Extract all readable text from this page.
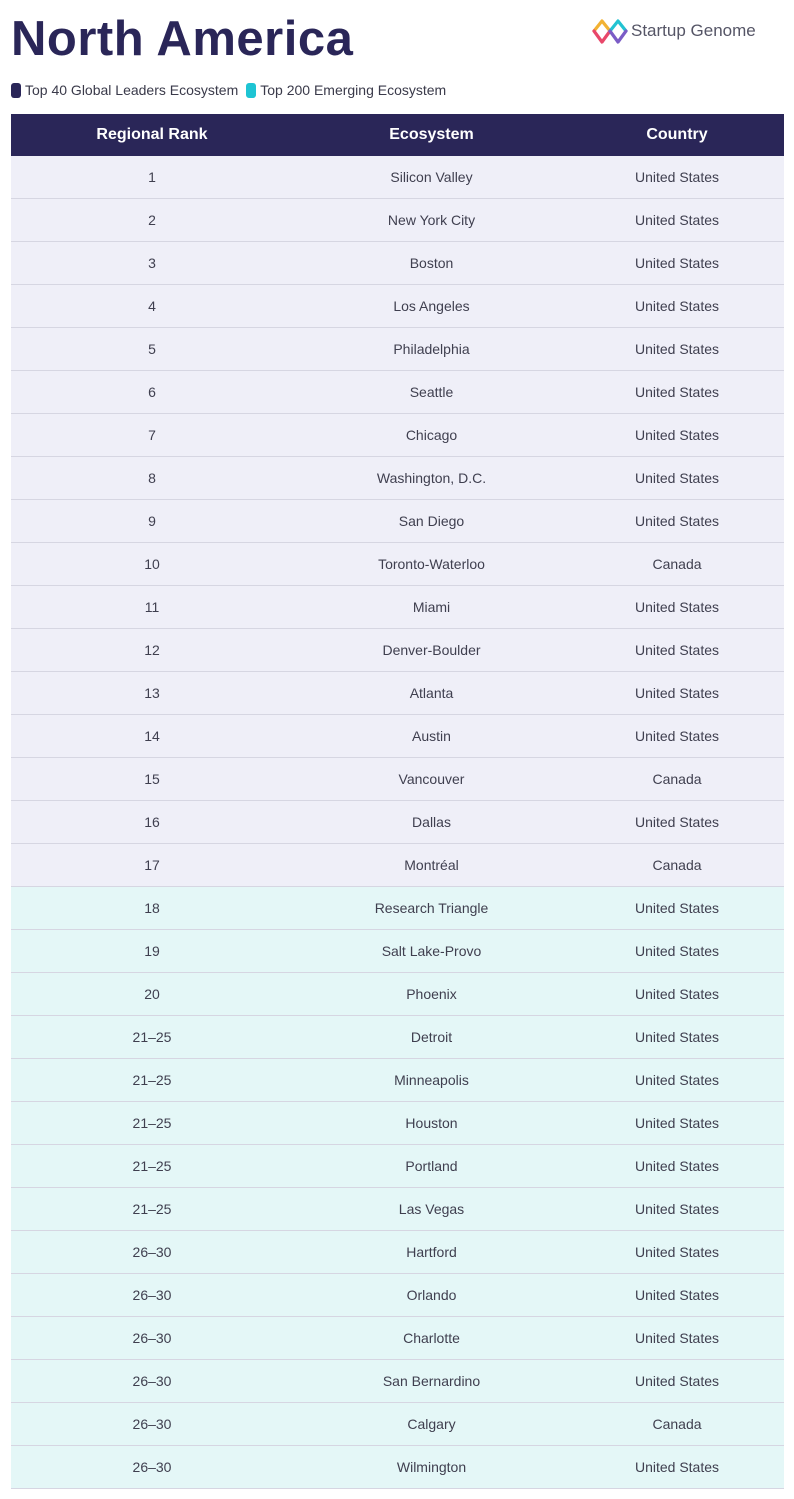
North America	Startup Genome
Top 40 Global Leaders Ecosystem Top 200 Emerging Ecosystem
Regional Rank	Ecosystem	Country
1	Silicon Valley	United States
2	New York City	United States
3	Boston	United States
4	Los Angeles	United States
5	Philadelphia	United States
6	Seattle	United States
7	Chicago	United States
8	Washington, D.C.	United States
9	San Diego	United States
10	Toronto-Waterloo	Canada
11	Miami	United States
12	Denver-Boulder	United States
13	Atlanta	United States
14	Austin	United States
15	Vancouver	Canada
16	Dallas	United States
17	Montréal	Canada
18	Research Triangle	United States
19	Salt Lake-Provo	United States
20	Phoenix	United States
21–25	Detroit	United States
21–25	Minneapolis	United States
21–25	Houston	United States
21–25	Portland	United States
21–25	Las Vegas	United States
26–30	Hartford	United States
26–30	Orlando	United States
26–30	Charlotte	United States
26–30	San Bernardino	United States
26–30	Calgary	Canada
26–30	Wilmington	United States
